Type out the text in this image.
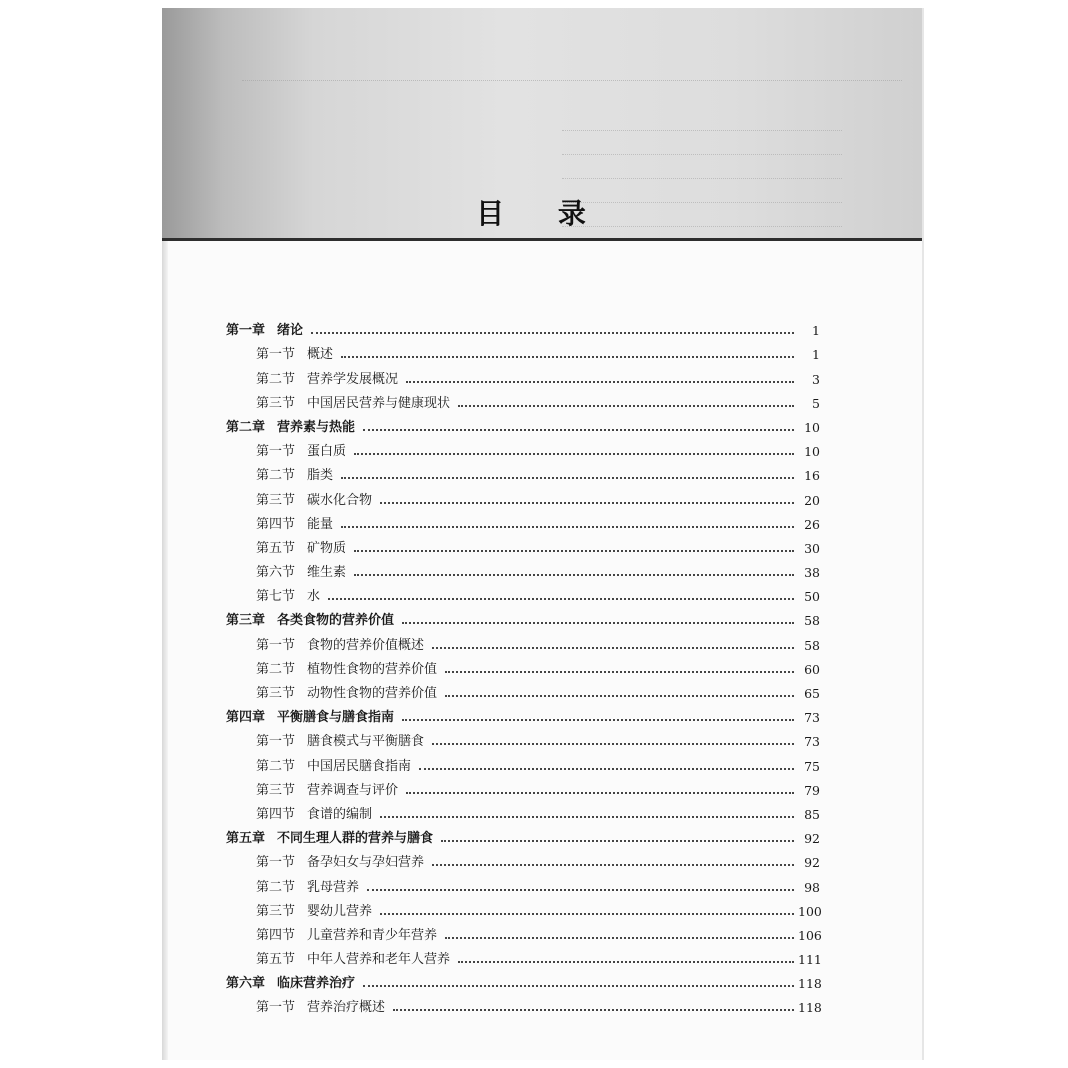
目 录
第一章 绪论	1
第一节 概述	1
第二节 营养学发展概况	3
第三节 中国居民营养与健康现状	5
第二章 营养素与热能	10
第一节 蛋白质	10
第二节 脂类	16
第三节 碳水化合物	20
第四节 能量	26
第五节 矿物质	30
第六节 维生素	38
第七节 水	50
第三章 各类食物的营养价值	58
第一节 食物的营养价值概述	58
第二节 植物性食物的营养价值	60
第三节 动物性食物的营养价值	65
第四章 平衡膳食与膳食指南	73
第一节 膳食模式与平衡膳食	73
第二节 中国居民膳食指南	75
第三节 营养调查与评价	79
第四节 食谱的编制	85
第五章 不同生理人群的营养与膳食	92
第一节 备孕妇女与孕妇营养	92
第二节 乳母营养	98
第三节 婴幼儿营养	100
第四节 儿童营养和青少年营养	106
第五节 中年人营养和老年人营养	111
第六章 临床营养治疗	118
第一节 营养治疗概述	118
